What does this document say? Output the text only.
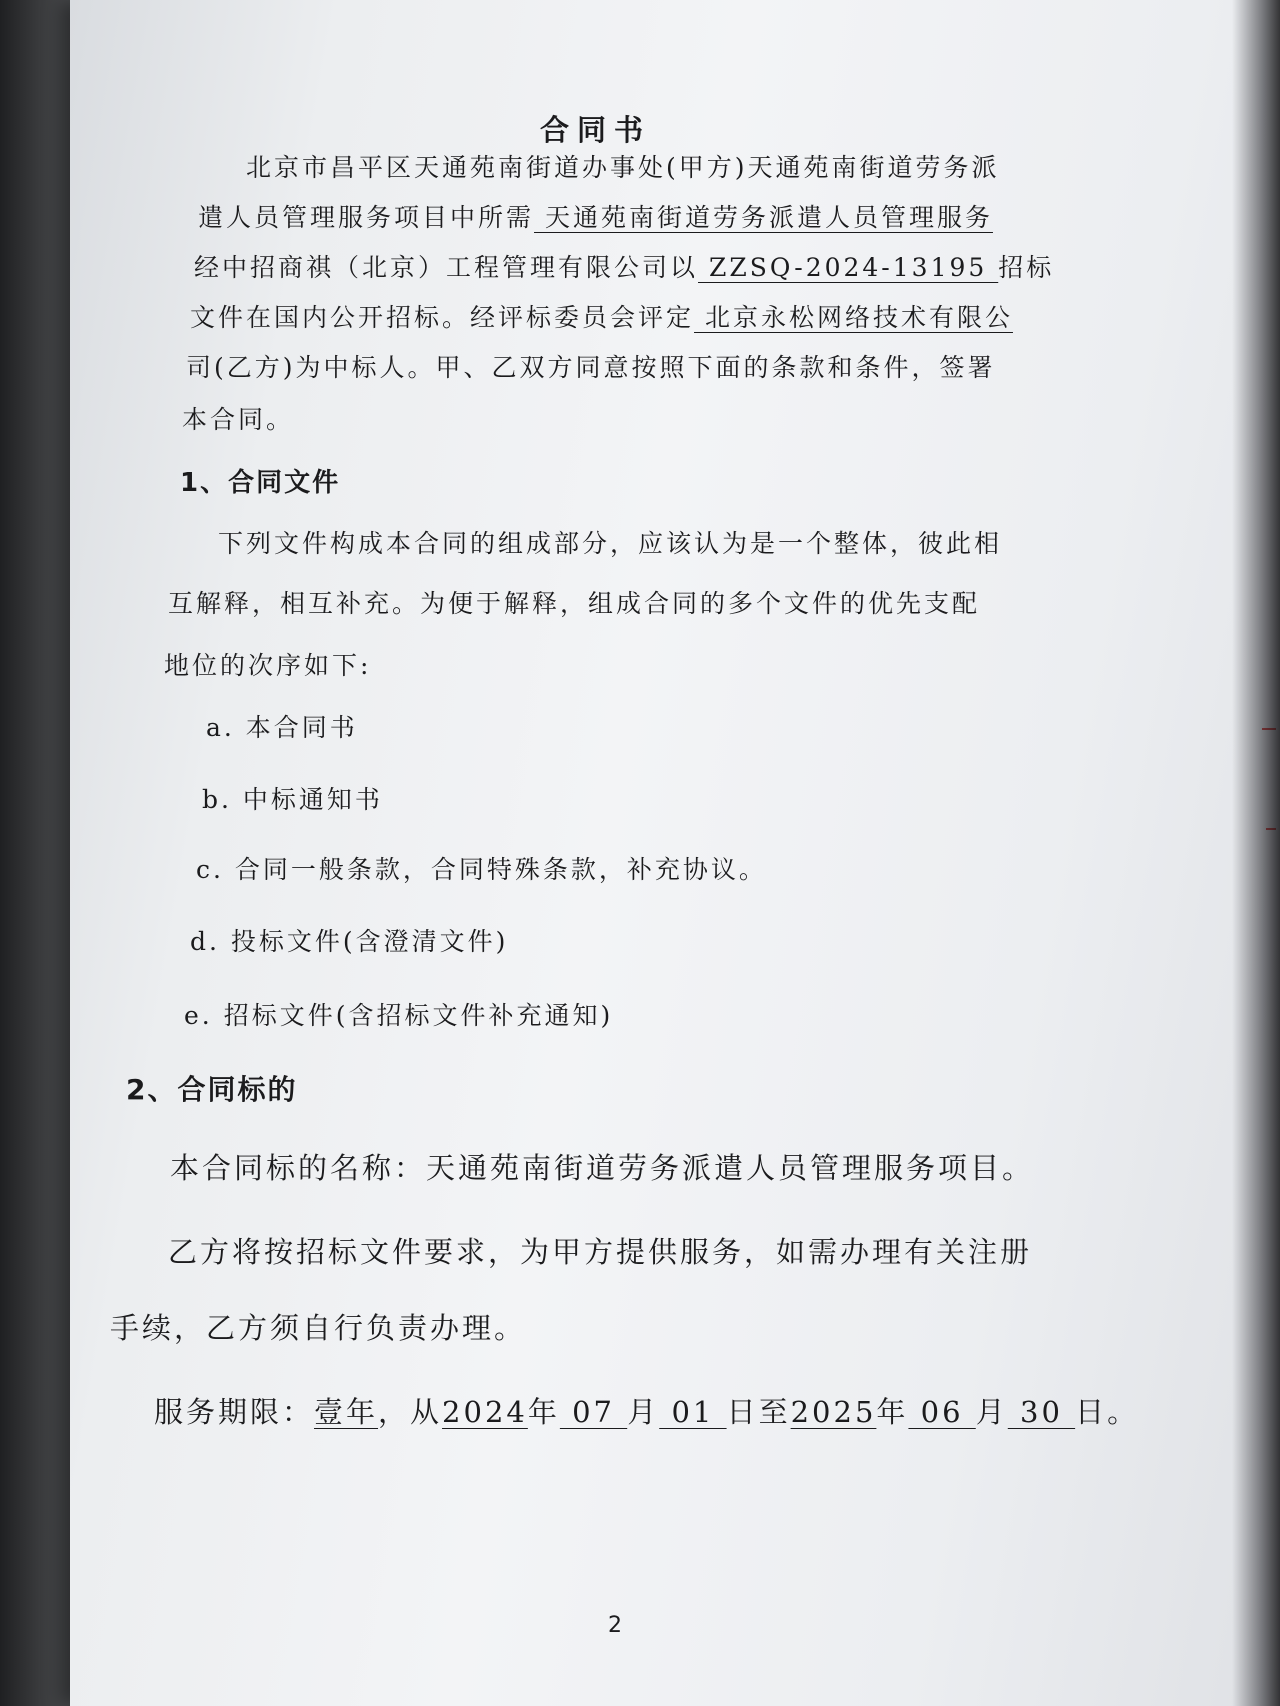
合同书
北京市昌平区天通苑南街道办事处(甲方)天通苑南街道劳务派
遣人员管理服务项目中所需 天通苑南街道劳务派遣人员管理服务
经中招商祺（北京）工程管理有限公司以 ZZSQ-2024-13195 招标
文件在国内公开招标。经评标委员会评定 北京永松网络技术有限公
司(乙方)为中标人。甲、乙双方同意按照下面的条款和条件，签署
本合同。
1、合同文件
下列文件构成本合同的组成部分，应该认为是一个整体，彼此相
互解释，相互补充。为便于解释，组成合同的多个文件的优先支配
地位的次序如下:
a. 本合同书
b. 中标通知书
c. 合同一般条款，合同特殊条款，补充协议。
d. 投标文件(含澄清文件)
e. 招标文件(含招标文件补充通知)
2、合同标的
本合同标的名称：天通苑南街道劳务派遣人员管理服务项目。
乙方将按招标文件要求，为甲方提供服务，如需办理有关注册
手续，乙方须自行负责办理。
服务期限：壹年，从2024年 07 月 01 日至2025年 06 月 30 日。
2
